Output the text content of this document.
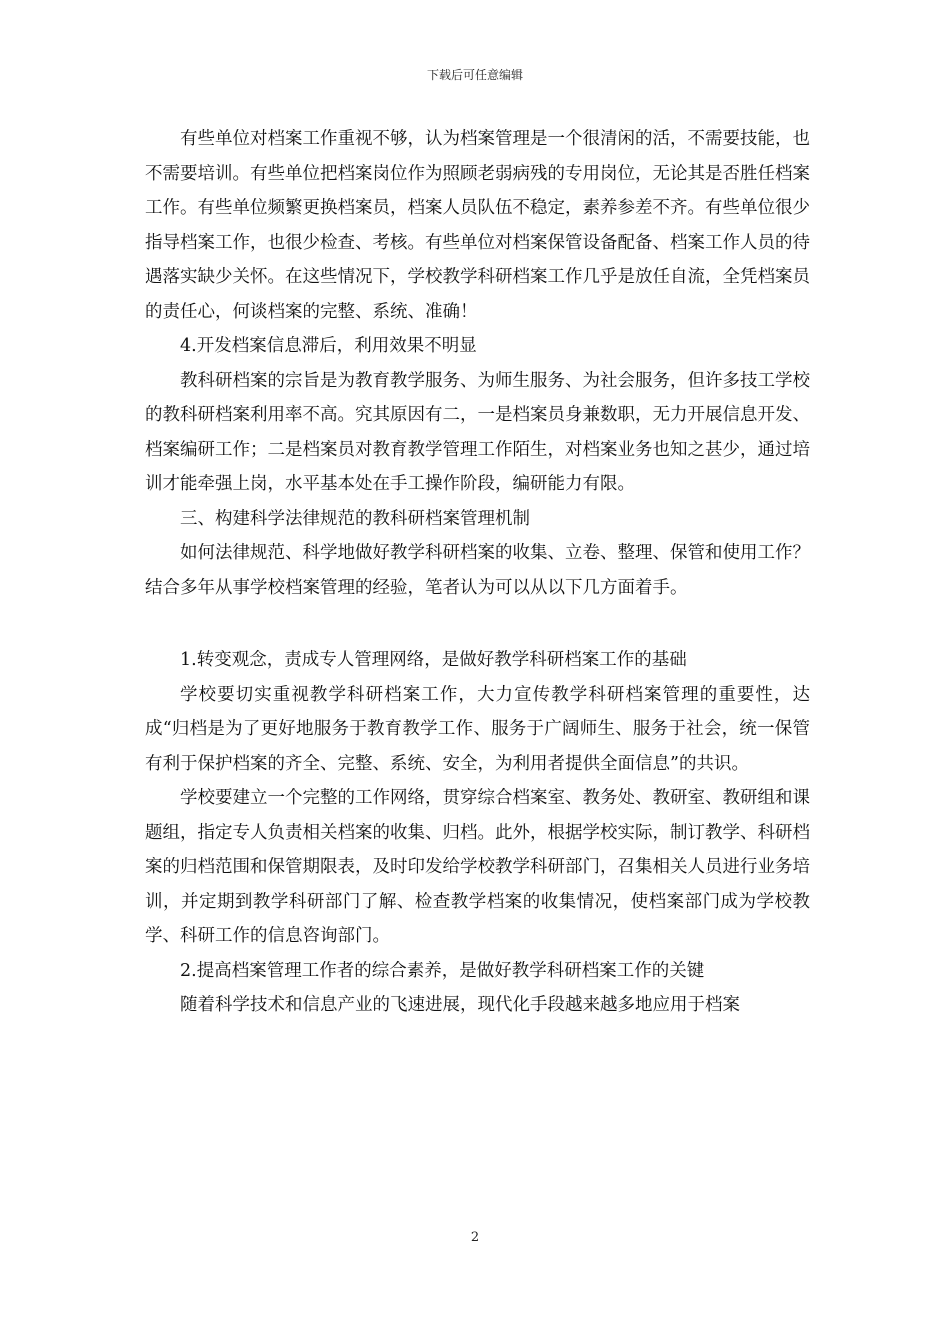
下载后可任意编辑

有些单位对档案工作重视不够，认为档案管理是一个很清闲的活，不需要技能，也不需要培训。有些单位把档案岗位作为照顾老弱病残的专用岗位，无论其是否胜任档案工作。有些单位频繁更换档案员，档案人员队伍不稳定，素养参差不齐。有些单位很少指导档案工作，也很少检查、考核。有些单位对档案保管设备配备、档案工作人员的待遇落实缺少关怀。在这些情况下，学校教学科研档案工作几乎是放任自流，全凭档案员的责任心，何谈档案的完整、系统、准确！

4.开发档案信息滞后，利用效果不明显

教科研档案的宗旨是为教育教学服务、为师生服务、为社会服务，但许多技工学校的教科研档案利用率不高。究其原因有二，一是档案员身兼数职，无力开展信息开发、档案编研工作；二是档案员对教育教学管理工作陌生，对档案业务也知之甚少，通过培训才能牵强上岗，水平基本处在手工操作阶段，编研能力有限。

三、构建科学法律规范的教科研档案管理机制

如何法律规范、科学地做好教学科研档案的收集、立卷、整理、保管和使用工作？结合多年从事学校档案管理的经验，笔者认为可以从以下几方面着手。

1.转变观念，责成专人管理网络，是做好教学科研档案工作的基础

学校要切实重视教学科研档案工作，大力宣传教学科研档案管理的重要性，达成“归档是为了更好地服务于教育教学工作、服务于广阔师生、服务于社会，统一保管有利于保护档案的齐全、完整、系统、安全，为利用者提供全面信息”的共识。

学校要建立一个完整的工作网络，贯穿综合档案室、教务处、教研室、教研组和课题组，指定专人负责相关档案的收集、归档。此外，根据学校实际，制订教学、科研档案的归档范围和保管期限表，及时印发给学校教学科研部门，召集相关人员进行业务培训，并定期到教学科研部门了解、检查教学档案的收集情况，使档案部门成为学校教学、科研工作的信息咨询部门。

2.提高档案管理工作者的综合素养，是做好教学科研档案工作的关键

随着科学技术和信息产业的飞速进展，现代化手段越来越多地应用于档案

2
